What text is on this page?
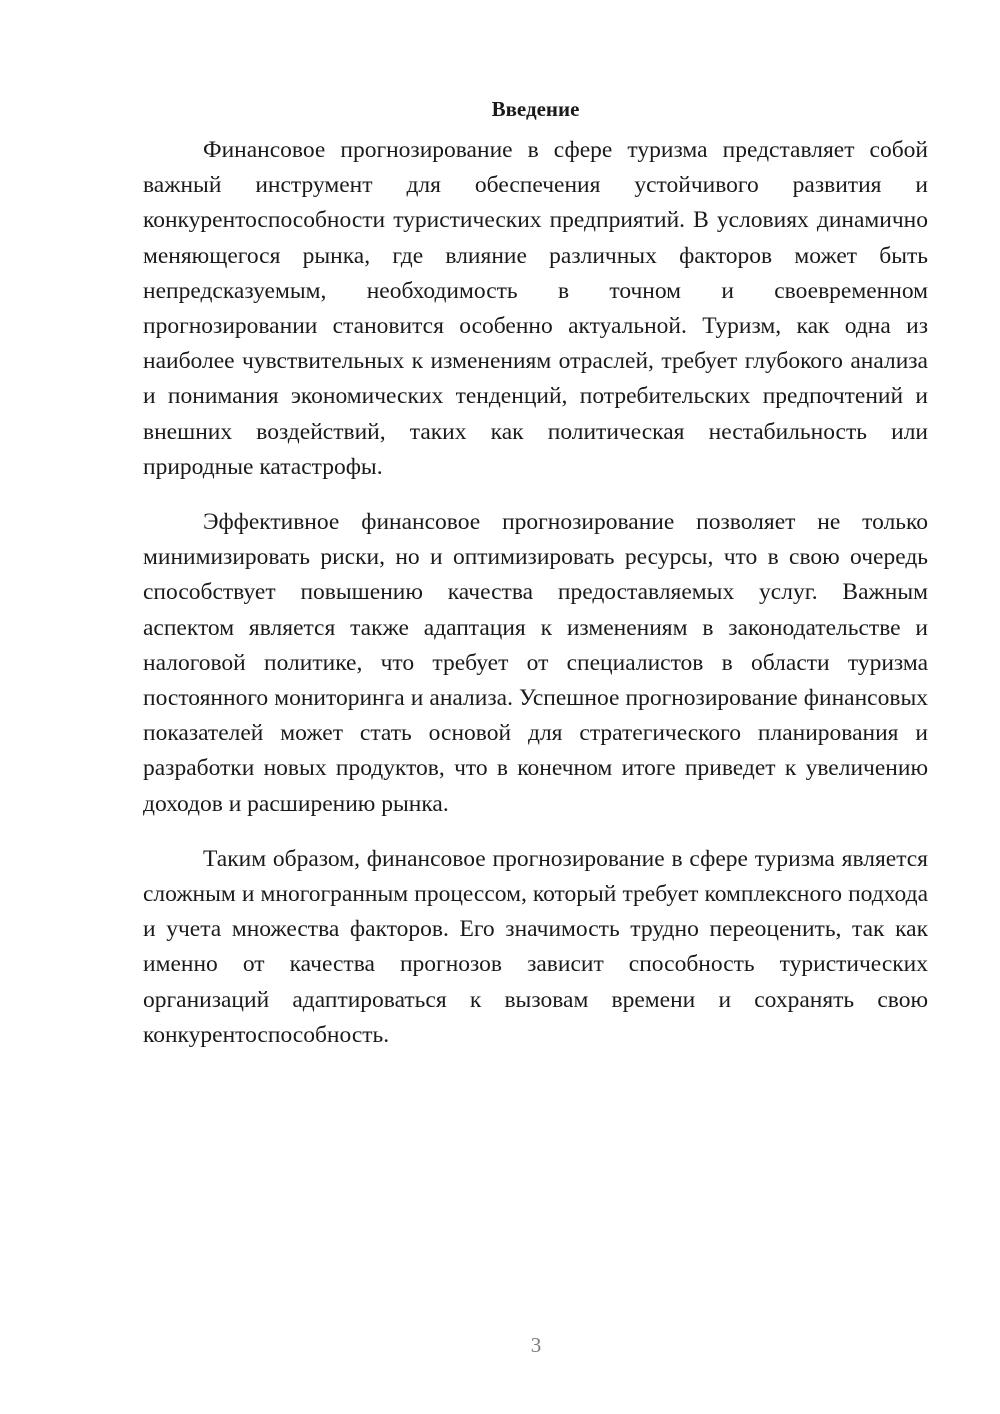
Введение

Финансовое прогнозирование в сфере туризма представляет собой важный инструмент для обеспечения устойчивого развития и конкурентоспособности туристических предприятий. В условиях динамично меняющегося рынка, где влияние различных факторов может быть непредсказуемым, необходимость в точном и своевременном прогнозировании становится особенно актуальной. Туризм, как одна из наиболее чувствительных к изменениям отраслей, требует глубокого анализа и понимания экономических тенденций, потребительских предпочтений и внешних воздействий, таких как политическая нестабильность или природные катастрофы.

Эффективное финансовое прогнозирование позволяет не только минимизировать риски, но и оптимизировать ресурсы, что в свою очередь способствует повышению качества предоставляемых услуг. Важным аспектом является также адаптация к изменениям в законодательстве и налоговой политике, что требует от специалистов в области туризма постоянного мониторинга и анализа. Успешное прогнозирование финансовых показателей может стать основой для стратегического планирования и разработки новых продуктов, что в конечном итоге приведет к увеличению доходов и расширению рынка.

Таким образом, финансовое прогнозирование в сфере туризма является сложным и многогранным процессом, который требует комплексного подхода и учета множества факторов. Его значимость трудно переоценить, так как именно от качества прогнозов зависит способность туристических организаций адаптироваться к вызовам времени и сохранять свою конкурентоспособность.

3
